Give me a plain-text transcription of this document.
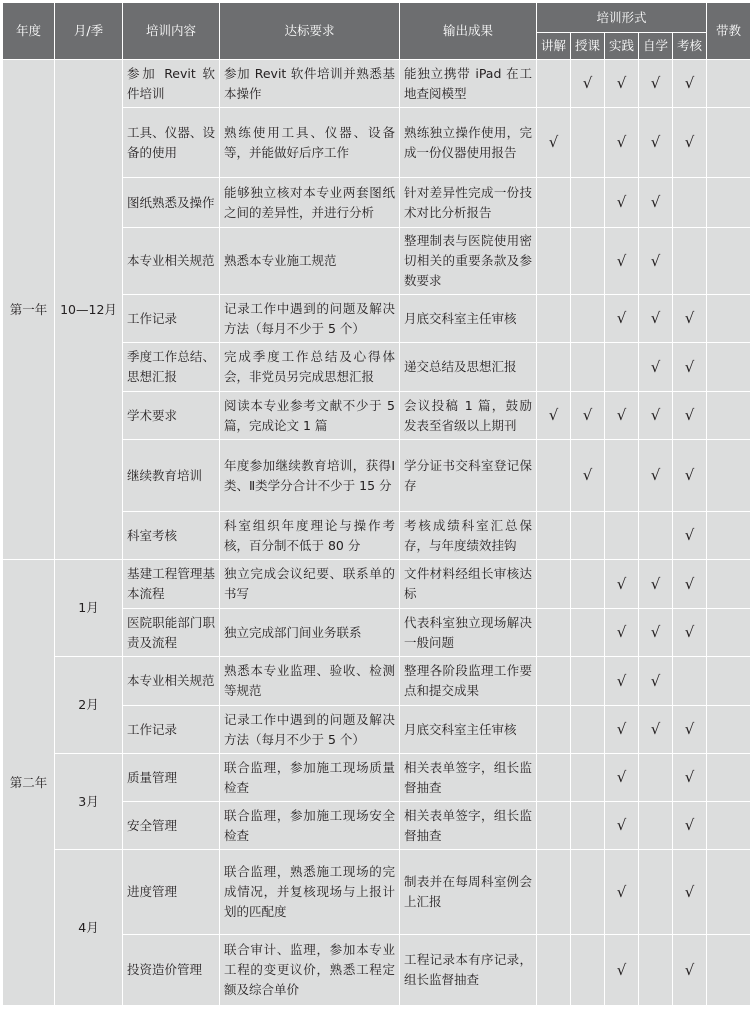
年度	月/季	培训内容	达标要求	输出成果	培训形式					带教
					讲解	授课	实践	自学	考核	
第一年	10—12月	参加 Revit 软件培训	参加 Revit 软件培训并熟悉基本操作	能独立携带 iPad 在工地查阅模型		√	√	√	√	
		工具、仪器、设备的使用	熟练使用工具、仪器、设备等，并能做好后序工作	熟练独立操作使用，完成一份仪器使用报告	√		√	√	√	
		图纸熟悉及操作	能够独立核对本专业两套图纸之间的差异性，并进行分析	针对差异性完成一份技术对比分析报告			√	√		
		本专业相关规范	熟悉本专业施工规范	整理制表与医院使用密切相关的重要条款及参数要求			√	√		
		工作记录	记录工作中遇到的问题及解决方法（每月不少于 5 个）	月底交科室主任审核			√	√	√	
		季度工作总结、思想汇报	完成季度工作总结及心得体会，非党员另完成思想汇报	递交总结及思想汇报				√	√	
		学术要求	阅读本专业参考文献不少于 5 篇，完成论文 1 篇	会议投稿 1 篇，鼓励发表至省级以上期刊	√	√	√	√	√	
		继续教育培训	年度参加继续教育培训，获得Ⅰ类、Ⅱ类学分合计不少于 15 分	学分证书交科室登记保存		√		√	√	
		科室考核	科室组织年度理论与操作考核，百分制不低于 80 分	考核成绩科室汇总保存，与年度绩效挂钩					√	
第二年	1月	基建工程管理基本流程	独立完成会议纪要、联系单的书写	文件材料经组长审核达标			√	√	√	
		医院职能部门职责及流程	独立完成部门间业务联系	代表科室独立现场解决一般问题			√	√	√	
	2月	本专业相关规范	熟悉本专业监理、验收、检测等规范	整理各阶段监理工作要点和提交成果			√	√		
		工作记录	记录工作中遇到的问题及解决方法（每月不少于 5 个）	月底交科室主任审核			√	√	√	
	3月	质量管理	联合监理，参加施工现场质量检查	相关表单签字，组长监督抽查			√		√	
		安全管理	联合监理，参加施工现场安全检查	相关表单签字，组长监督抽查			√		√	
	4月	进度管理	联合监理，熟悉施工现场的完成情况，并复核现场与上报计划的匹配度	制表并在每周科室例会上汇报			√		√	
		投资造价管理	联合审计、监理，参加本专业工程的变更议价，熟悉工程定额及综合单价	工程记录本有序记录，组长监督抽查			√		√	
